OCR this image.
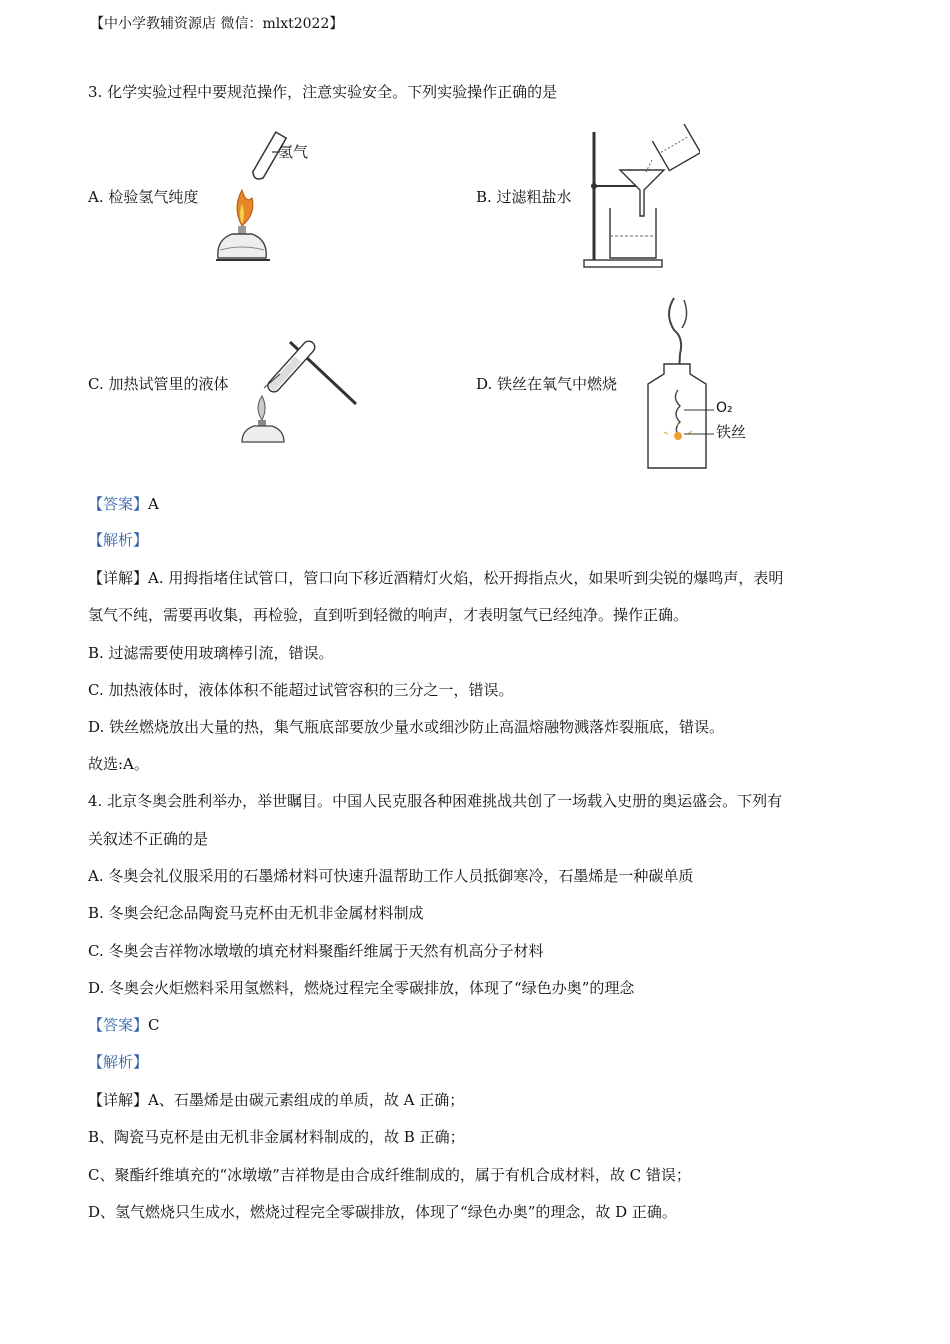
【中小学教辅资源店 微信：mlxt2022】
3. 化学实验过程中要规范操作，注意实验安全。下列实验操作正确的是
A. 检验氢气纯度	B. 过滤粗盐水
C. 加热试管里的液体	D. 铁丝在氧气中燃烧
氢气
O₂
铁丝
【答案】A
【解析】
【详解】A. 用拇指堵住试管口，管口向下移近酒精灯火焰，松开拇指点火，如果听到尖锐的爆鸣声，表明
氢气不纯，需要再收集，再检验，直到听到轻微的响声，才表明氢气已经纯净。操作正确。
B. 过滤需要使用玻璃棒引流，错误。
C. 加热液体时，液体体积不能超过试管容积的三分之一，错误。
D. 铁丝燃烧放出大量的热，集气瓶底部要放少量水或细沙防止高温熔融物溅落炸裂瓶底，错误。
故选:A。
4. 北京冬奥会胜利举办，举世瞩目。中国人民克服各种困难挑战共创了一场载入史册的奥运盛会。下列有
关叙述不正确的是
A. 冬奥会礼仪服采用的石墨烯材料可快速升温帮助工作人员抵御寒冷，石墨烯是一种碳单质
B. 冬奥会纪念品陶瓷马克杯由无机非金属材料制成
C. 冬奥会吉祥物冰墩墩的填充材料聚酯纤维属于天然有机高分子材料
D. 冬奥会火炬燃料采用氢燃料，燃烧过程完全零碳排放，体现了“绿色办奥”的理念
【答案】C
【解析】
【详解】A、石墨烯是由碳元素组成的单质，故 A 正确；
B、陶瓷马克杯是由无机非金属材料制成的，故 B 正确；
C、聚酯纤维填充的“冰墩墩”吉祥物是由合成纤维制成的，属于有机合成材料，故 C 错误；
D、氢气燃烧只生成水，燃烧过程完全零碳排放，体现了“绿色办奥”的理念，故 D 正确。
